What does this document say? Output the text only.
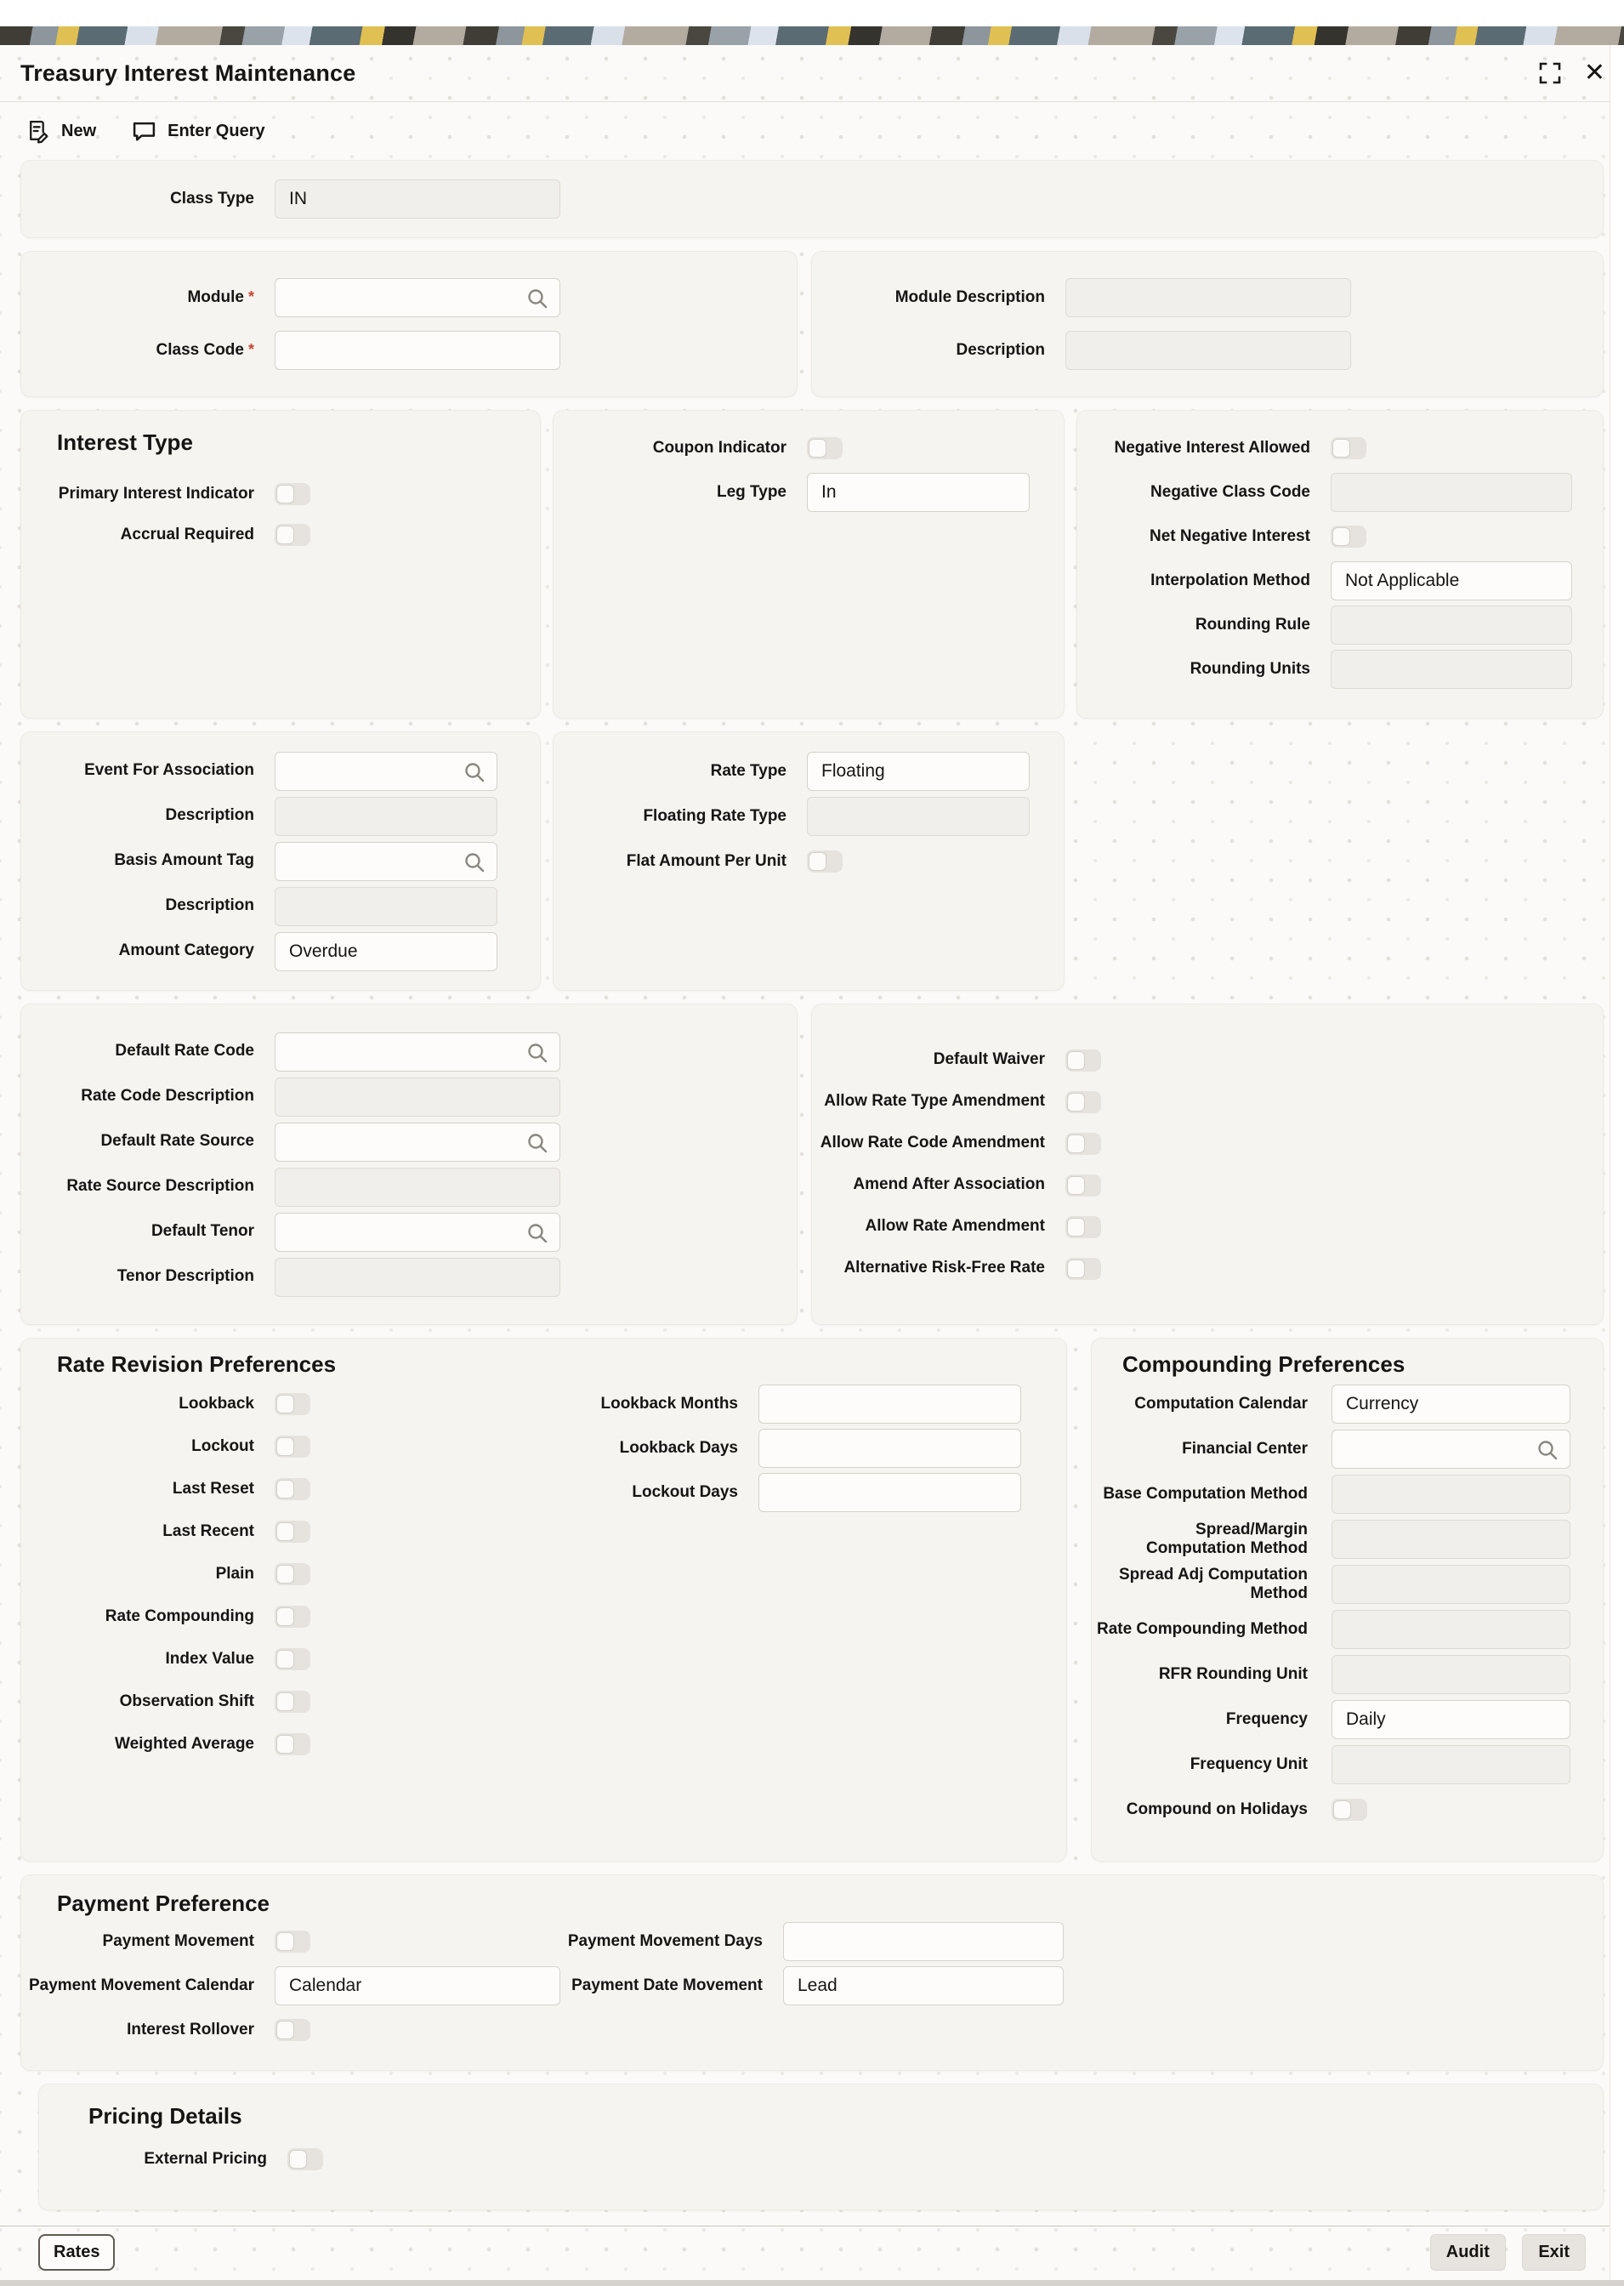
Treasury Interest Maintenance	✕
New	Enter Query
Class Type IN
Module *
Class Code *
Module Description
Description
Interest Type
Primary Interest Indicator
Accrual Required
Coupon Indicator
Leg Type In
Negative Interest Allowed
Negative Class Code
Net Negative Interest
Interpolation Method Not Applicable
Rounding Rule
Rounding Units
Event For Association
Description
Basis Amount Tag
Description
Amount Category Overdue
Rate Type Floating
Floating Rate Type
Flat Amount Per Unit
Default Rate Code
Rate Code Description
Default Rate Source
Rate Source Description
Default Tenor
Tenor Description
Default Waiver
Allow Rate Type Amendment
Allow Rate Code Amendment
Amend After Association
Allow Rate Amendment
Alternative Risk-Free Rate
Rate Revision Preferences
Lookback
Lockout
Last Reset
Last Recent
Plain
Rate Compounding
Index Value
Observation Shift
Weighted Average
Lookback Months
Lookback Days
Lockout Days
Compounding Preferences
Computation Calendar Currency
Financial Center
Base Computation Method
Spread/Margin Computation Method
Spread Adj Computation Method
Rate Compounding Method
RFR Rounding Unit
Frequency Daily
Frequency Unit
Compound on Holidays
Payment Preference
Payment Movement
Payment Movement Calendar Calendar
Interest Rollover
Payment Movement Days
Payment Date Movement Lead
Pricing Details
External Pricing
Rates	Audit	Exit
